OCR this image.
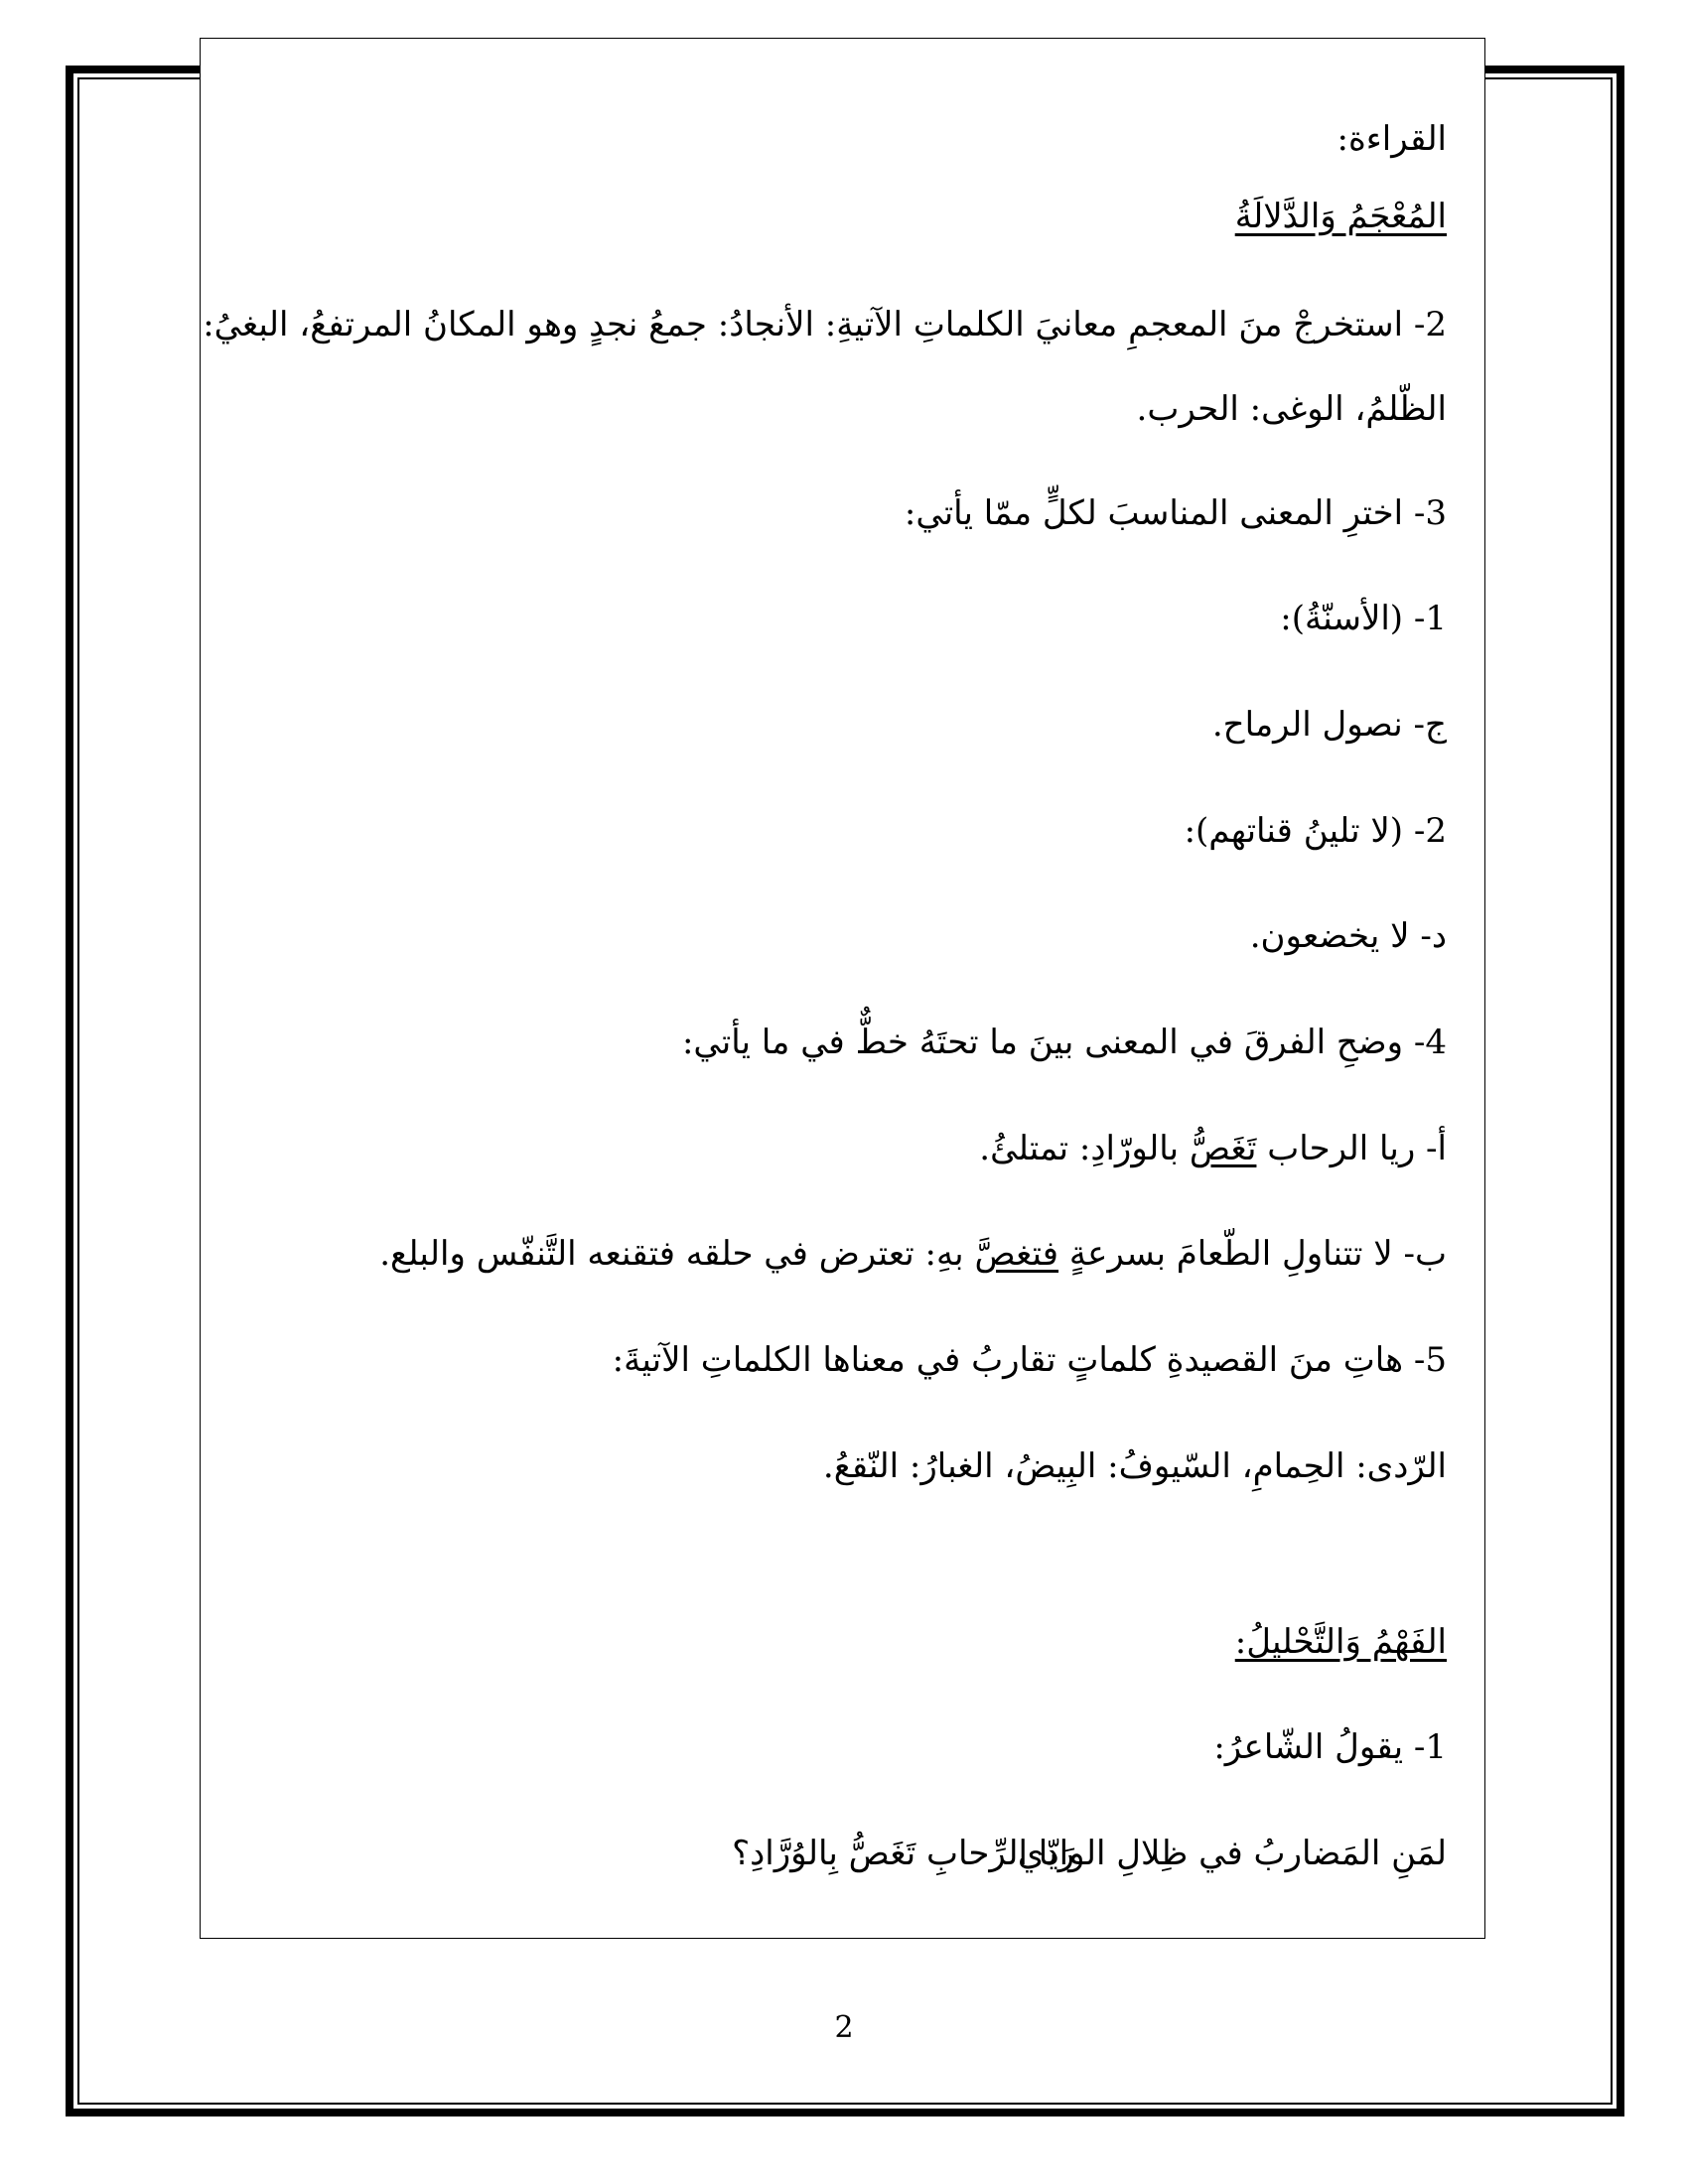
القراءة:
المُعْجَمُ وَالدَّلالَةُ
2- استخرجْ منَ المعجمِ معانيَ الكلماتِ الآتيةِ: الأنجادُ: جمعُ نجدٍ وهو المكانُ المرتفعُ، البغيُ:
الظّلمُ، الوغى: الحرب.
3- اخترِ المعنى المناسبَ لكلٍّ ممّا يأتي:
1- (الأسنّةُ):
ج- نصول الرماح.
2- (لا تلينُ قناتهم):
د- لا يخضعون.
4- وضحِ الفرقَ في المعنى بينَ ما تحتَهُ خطٌّ في ما يأتي:
أ- ريا الرحاب تَغَصُّ بالورّادِ: تمتلئُ.
ب- لا تتناولِ الطّعامَ بسرعةٍ فتغصَّ بهِ: تعترض في حلقه فتقنعه التَّنفّس والبلع.
5- هاتِ منَ القصيدةِ كلماتٍ تقاربُ في معناها الكلماتِ الآتيةَ:
الرّدى: الحِمامِ، السّيوفُ: البِيضُ، الغبارُ: النّقعُ.
الفَهْمُ وَالتَّحْليلُ:
1- يقولُ الشّاعرُ:
لمَنِ المَضاربُ في ظِلالِ الوادي
رَيّا الرِّحابِ تَغَصُّ بِالوُرَّادِ؟
2
